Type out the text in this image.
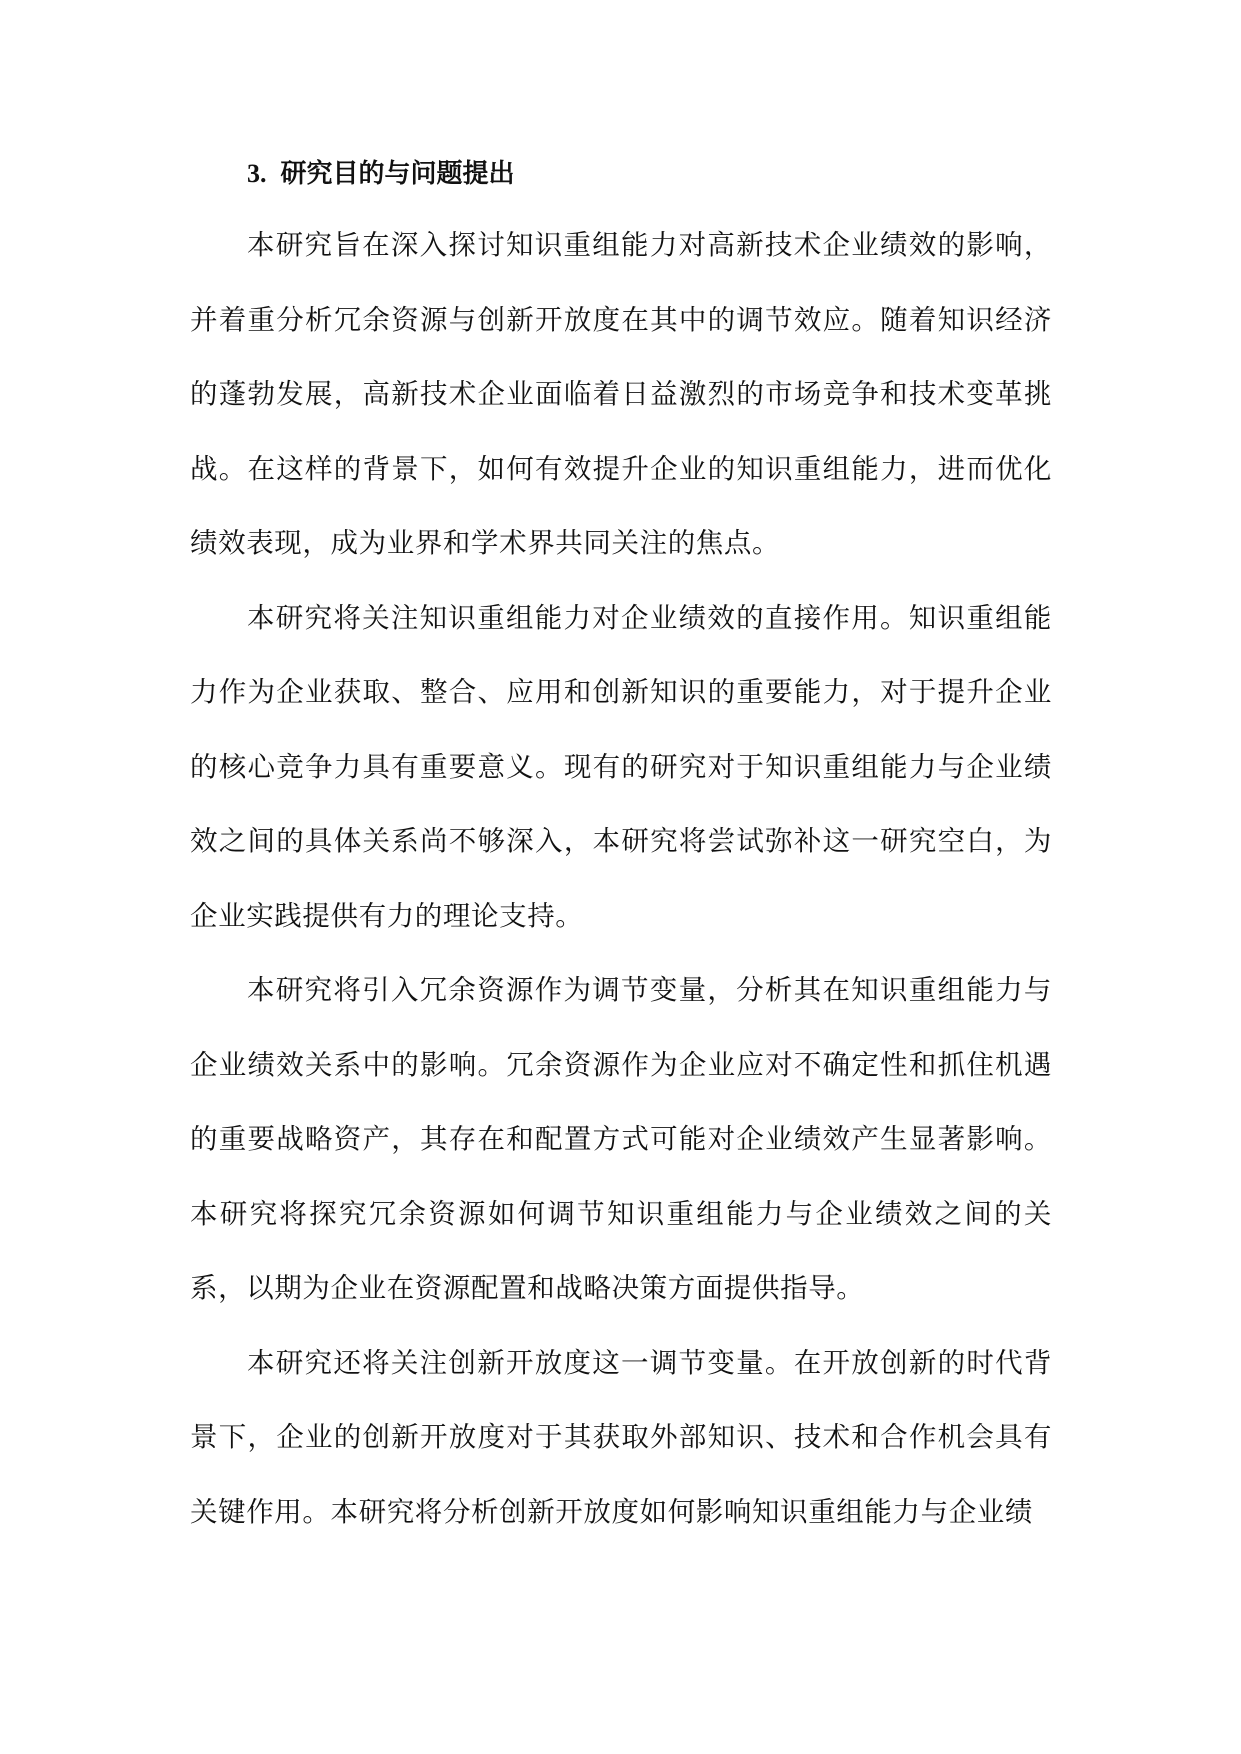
3. 研究目的与问题提出

本研究旨在深入探讨知识重组能力对高新技术企业绩效的影响，并着重分析冗余资源与创新开放度在其中的调节效应。随着知识经济的蓬勃发展，高新技术企业面临着日益激烈的市场竞争和技术变革挑战。在这样的背景下，如何有效提升企业的知识重组能力，进而优化绩效表现，成为业界和学术界共同关注的焦点。

本研究将关注知识重组能力对企业绩效的直接作用。知识重组能力作为企业获取、整合、应用和创新知识的重要能力，对于提升企业的核心竞争力具有重要意义。现有的研究对于知识重组能力与企业绩效之间的具体关系尚不够深入，本研究将尝试弥补这一研究空白，为企业实践提供有力的理论支持。

本研究将引入冗余资源作为调节变量，分析其在知识重组能力与企业绩效关系中的影响。冗余资源作为企业应对不确定性和抓住机遇的重要战略资产，其存在和配置方式可能对企业绩效产生显著影响。本研究将探究冗余资源如何调节知识重组能力与企业绩效之间的关系，以期为企业在资源配置和战略决策方面提供指导。

本研究还将关注创新开放度这一调节变量。在开放创新的时代背景下，企业的创新开放度对于其获取外部知识、技术和合作机会具有关键作用。本研究将分析创新开放度如何影响知识重组能力与企业绩
